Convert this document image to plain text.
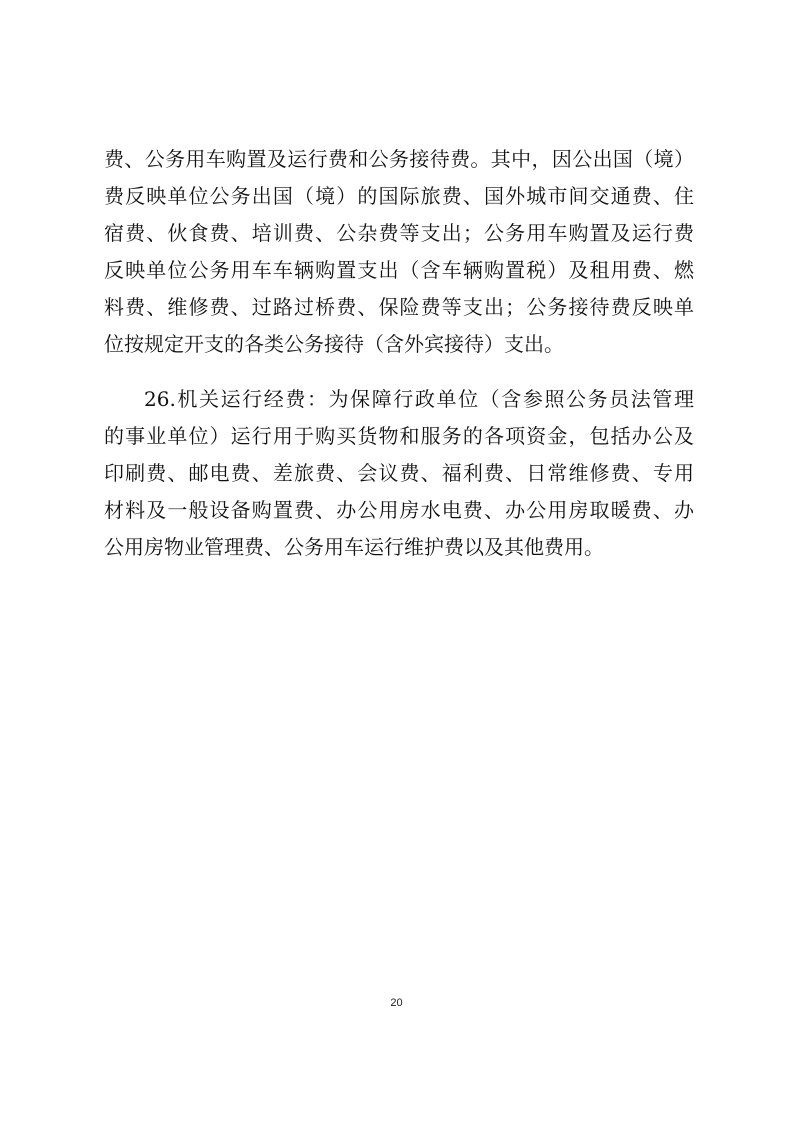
费、公务用车购置及运行费和公务接待费。其中，因公出国（境）
费反映单位公务出国（境）的国际旅费、国外城市间交通费、住
宿费、伙食费、培训费、公杂费等支出；公务用车购置及运行费
反映单位公务用车车辆购置支出（含车辆购置税）及租用费、燃
料费、维修费、过路过桥费、保险费等支出；公务接待费反映单
位按规定开支的各类公务接待（含外宾接待）支出。
26.机关运行经费：为保障行政单位（含参照公务员法管理
的事业单位）运行用于购买货物和服务的各项资金，包括办公及
印刷费、邮电费、差旅费、会议费、福利费、日常维修费、专用
材料及一般设备购置费、办公用房水电费、办公用房取暖费、办
公用房物业管理费、公务用车运行维护费以及其他费用。
20
